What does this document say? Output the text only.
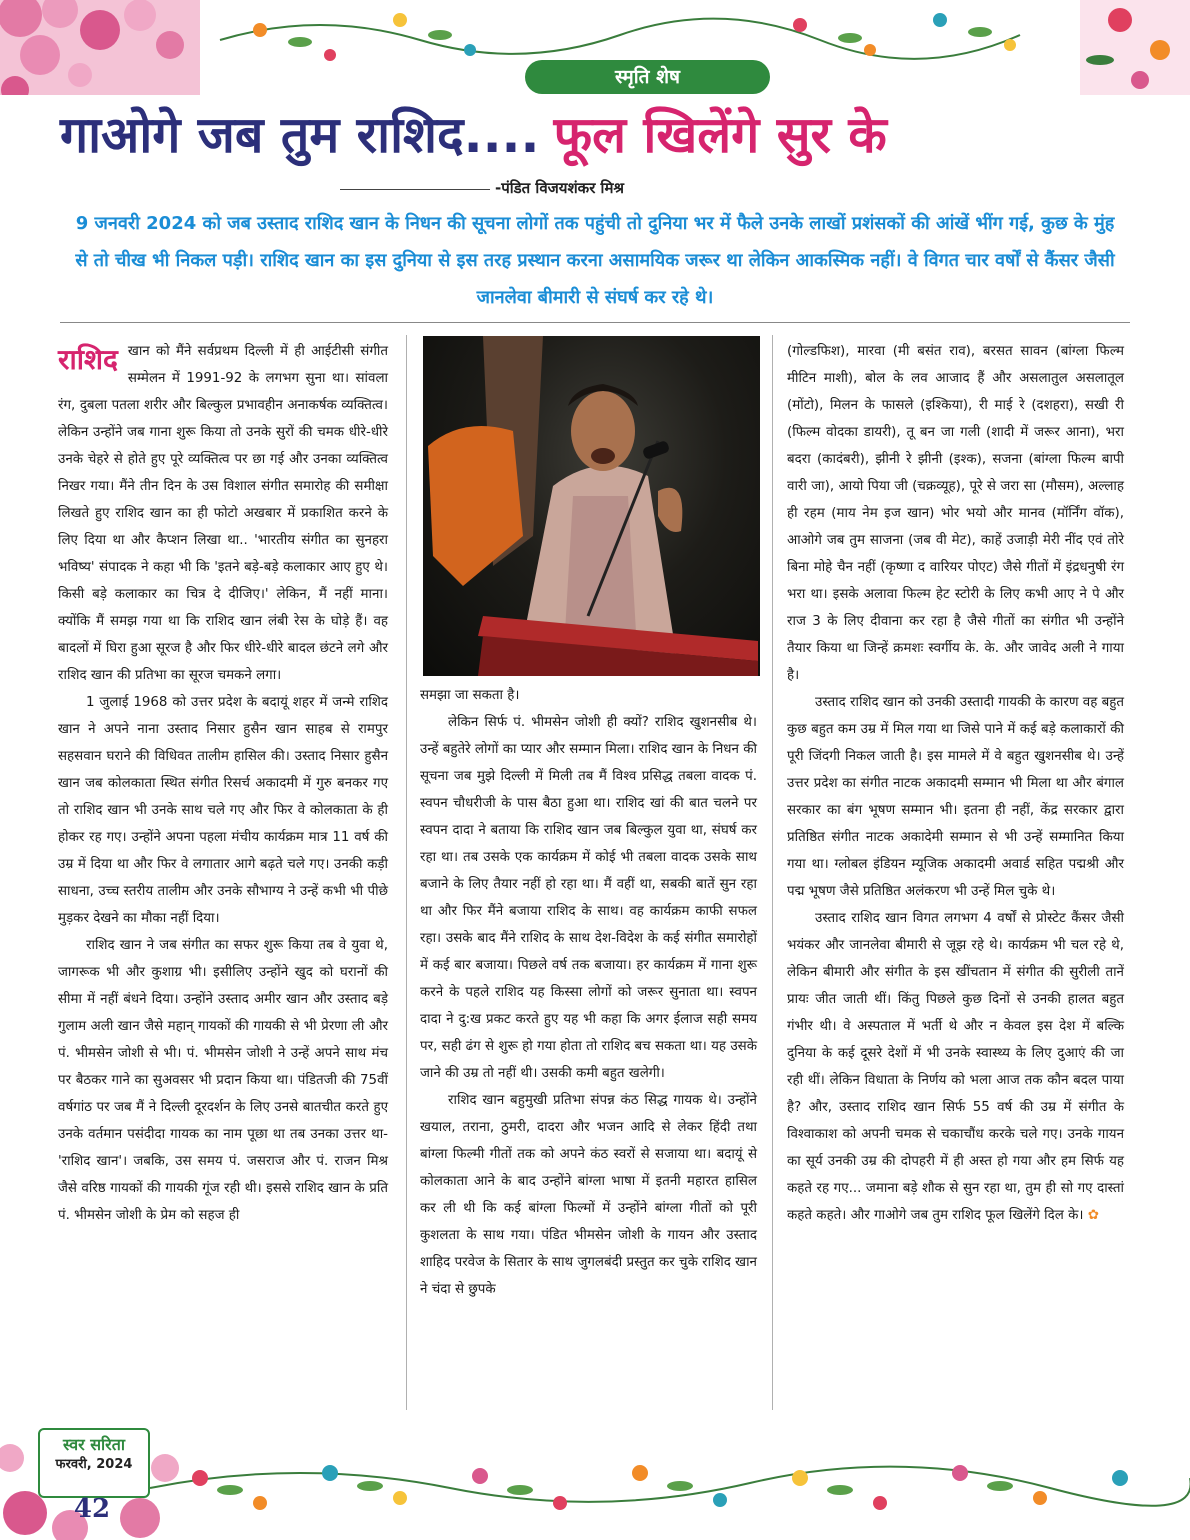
स्मृति शेष
गाओगे जब तुम राशिद.... फूल खिलेंगे सुर के
-पंडित विजयशंकर मिश्र
9 जनवरी 2024 को जब उस्ताद राशिद खान के निधन की सूचना लोगों तक पहुंची तो दुनिया भर में फैले उनके लाखों प्रशंसकों की आंखें भींग गई, कुछ के मुंह से तो चीख भी निकल पड़ी। राशिद खान का इस दुनिया से इस तरह प्रस्थान करना असामयिक जरूर था लेकिन आकस्मिक नहीं। वे विगत चार वर्षों से कैंसर जैसी जानलेवा बीमारी से संघर्ष कर रहे थे।

राशिद खान को मैंने सर्वप्रथम दिल्ली में ही आईटीसी संगीत सम्मेलन में 1991-92 के लगभग सुना था। सांवला रंग, दुबला पतला शरीर और बिल्कुल प्रभावहीन अनाकर्षक व्यक्तित्व। लेकिन उन्होंने जब गाना शुरू किया तो उनके सुरों की चमक धीरे-धीरे उनके चेहरे से होते हुए पूरे व्यक्तित्व पर छा गई और उनका व्यक्तित्व निखर गया। मैंने तीन दिन के उस विशाल संगीत समारोह की समीक्षा लिखते हुए राशिद खान का ही फोटो अखबार में प्रकाशित करने के लिए दिया था और कैप्शन लिखा था.. 'भारतीय संगीत का सुनहरा भविष्य' संपादक ने कहा भी कि 'इतने बड़े-बड़े कलाकार आए हुए थे। किसी बड़े कलाकार का चित्र दे दीजिए।' लेकिन, मैं नहीं माना। क्योंकि मैं समझ गया था कि राशिद खान लंबी रेस के घोड़े हैं। वह बादलों में घिरा हुआ सूरज है और फिर धीरे-धीरे बादल छंटने लगे और राशिद खान की प्रतिभा का सूरज चमकने लगा।

1 जुलाई 1968 को उत्तर प्रदेश के बदायूं शहर में जन्मे राशिद खान ने अपने नाना उस्ताद निसार हुसैन खान साहब से रामपुर सहसवान घराने की विधिवत तालीम हासिल की। उस्ताद निसार हुसैन खान जब कोलकाता स्थित संगीत रिसर्च अकादमी में गुरु बनकर गए तो राशिद खान भी उनके साथ चले गए और फिर वे कोलकाता के ही होकर रह गए। उन्होंने अपना पहला मंचीय कार्यक्रम मात्र 11 वर्ष की उम्र में दिया था और फिर वे लगातार आगे बढ़ते चले गए। उनकी कड़ी साधना, उच्च स्तरीय तालीम और उनके सौभाग्य ने उन्हें कभी भी पीछे मुड़कर देखने का मौका नहीं दिया।

राशिद खान ने जब संगीत का सफर शुरू किया तब वे युवा थे, जागरूक भी और कुशाग्र भी। इसीलिए उन्होंने खुद को घरानों की सीमा में नहीं बंधने दिया। उन्होंने उस्ताद अमीर खान और उस्ताद बड़े गुलाम अली खान जैसे महान् गायकों की गायकी से भी प्रेरणा ली और पं. भीमसेन जोशी से भी। पं. भीमसेन जोशी ने उन्हें अपने साथ मंच पर बैठकर गाने का सुअवसर भी प्रदान किया था। पंडितजी की 75वीं वर्षगांठ पर जब मैं ने दिल्ली दूरदर्शन के लिए उनसे बातचीत करते हुए उनके वर्तमान पसंदीदा गायक का नाम पूछा था तब उनका उत्तर था- 'राशिद खान'। जबकि, उस समय पं. जसराज और पं. राजन मिश्र जैसे वरिष्ठ गायकों की गायकी गूंज रही थी। इससे राशिद खान के प्रति पं. भीमसेन जोशी के प्रेम को सहज ही

समझा जा सकता है।

लेकिन सिर्फ पं. भीमसेन जोशी ही क्यों? राशिद खुशनसीब थे। उन्हें बहुतेरे लोगों का प्यार और सम्मान मिला। राशिद खान के निधन की सूचना जब मुझे दिल्ली में मिली तब मैं विश्व प्रसिद्ध तबला वादक पं. स्वपन चौधरीजी के पास बैठा हुआ था। राशिद खां की बात चलने पर स्वपन दादा ने बताया कि राशिद खान जब बिल्कुल युवा था, संघर्ष कर रहा था। तब उसके एक कार्यक्रम में कोई भी तबला वादक उसके साथ बजाने के लिए तैयार नहीं हो रहा था। मैं वहीं था, सबकी बातें सुन रहा था और फिर मैंने बजाया राशिद के साथ। वह कार्यक्रम काफी सफल रहा। उसके बाद मैंने राशिद के साथ देश-विदेश के कई संगीत समारोहों में कई बार बजाया। पिछले वर्ष तक बजाया। हर कार्यक्रम में गाना शुरू करने के पहले राशिद यह किस्सा लोगों को जरूर सुनाता था। स्वपन दादा ने दु:ख प्रकट करते हुए यह भी कहा कि अगर ईलाज सही समय पर, सही ढंग से शुरू हो गया होता तो राशिद बच सकता था। यह उसके जाने की उम्र तो नहीं थी। उसकी कमी बहुत खलेगी।

राशिद खान बहुमुखी प्रतिभा संपन्न कंठ सिद्ध गायक थे। उन्होंने खयाल, तराना, ठुमरी, दादरा और भजन आदि से लेकर हिंदी तथा बांग्ला फिल्मी गीतों तक को अपने कंठ स्वरों से सजाया था। बदायूं से कोलकाता आने के बाद उन्होंने बांग्ला भाषा में इतनी महारत हासिल कर ली थी कि कई बांग्ला फिल्मों में उन्होंने बांग्ला गीतों को पूरी कुशलता के साथ गया। पंडित भीमसेन जोशी के गायन और उस्ताद शाहिद परवेज के सितार के साथ जुगलबंदी प्रस्तुत कर चुके राशिद खान ने चंदा से छुपके

(गोल्डफिश), मारवा (मी बसंत राव), बरसत सावन (बांग्ला फिल्म मीटिन माशी), बोल के लव आजाद हैं और असलातुल असलातूल (मोंटो), मिलन के फासले (इश्किया), री माई रे (दशहरा), सखी री (फिल्म वोदका डायरी), तू बन जा गली (शादी में जरूर आना), भरा बदरा (कादंबरी), झीनी रे झीनी (इश्क), सजना (बांग्ला फिल्म बापी वारी जा), आयो पिया जी (चक्रव्यूह), पूरे से जरा सा (मौसम), अल्लाह ही रहम (माय नेम इज खान) भोर भयो और मानव (मॉर्निंग वॉक), आओगे जब तुम साजना (जब वी मेट), काहें उजाड़ी मेरी नींद एवं तोरे बिना मोहे चैन नहीं (कृष्णा द वारियर पोएट) जैसे गीतों में इंद्रधनुषी रंग भरा था। इसके अलावा फिल्म हेट स्टोरी के लिए कभी आए ने पे और राज 3 के लिए दीवाना कर रहा है जैसे गीतों का संगीत भी उन्होंने तैयार किया था जिन्हें क्रमशः स्वर्गीय के. के. और जावेद अली ने गाया है।

उस्ताद राशिद खान को उनकी उस्तादी गायकी के कारण वह बहुत कुछ बहुत कम उम्र में मिल गया था जिसे पाने में कई बड़े कलाकारों की पूरी जिंदगी निकल जाती है। इस मामले में वे बहुत खुशनसीब थे। उन्हें उत्तर प्रदेश का संगीत नाटक अकादमी सम्मान भी मिला था और बंगाल सरकार का बंग भूषण सम्मान भी। इतना ही नहीं, केंद्र सरकार द्वारा प्रतिष्ठित संगीत नाटक अकादेमी सम्मान से भी उन्हें सम्मानित किया गया था। ग्लोबल इंडियन म्यूजिक अकादमी अवार्ड सहित पद्मश्री और पद्म भूषण जैसे प्रतिष्ठित अलंकरण भी उन्हें मिल चुके थे।

उस्ताद राशिद खान विगत लगभग 4 वर्षों से प्रोस्टेट कैंसर जैसी भयंकर और जानलेवा बीमारी से जूझ रहे थे। कार्यक्रम भी चल रहे थे, लेकिन बीमारी और संगीत के इस खींचतान में संगीत की सुरीली तानें प्रायः जीत जाती थीं। किंतु पिछले कुछ दिनों से उनकी हालत बहुत गंभीर थी। वे अस्पताल में भर्ती थे और न केवल इस देश में बल्कि दुनिया के कई दूसरे देशों में भी उनके स्वास्थ्य के लिए दुआएं की जा रही थीं। लेकिन विधाता के निर्णय को भला आज तक कौन बदल पाया है? और, उस्ताद राशिद खान सिर्फ 55 वर्ष की उम्र में संगीत के विश्वाकाश को अपनी चमक से चकाचौंध करके चले गए। उनके गायन का सूर्य उनकी उम्र की दोपहरी में ही अस्त हो गया और हम सिर्फ यह कहते रह गए... जमाना बड़े शौक से सुन रहा था, तुम ही सो गए दास्तां कहते कहते। और गाओगे जब तुम राशिद फूल खिलेंगे दिल के। ✿

स्वर सरिता
फरवरी, 2024
42
